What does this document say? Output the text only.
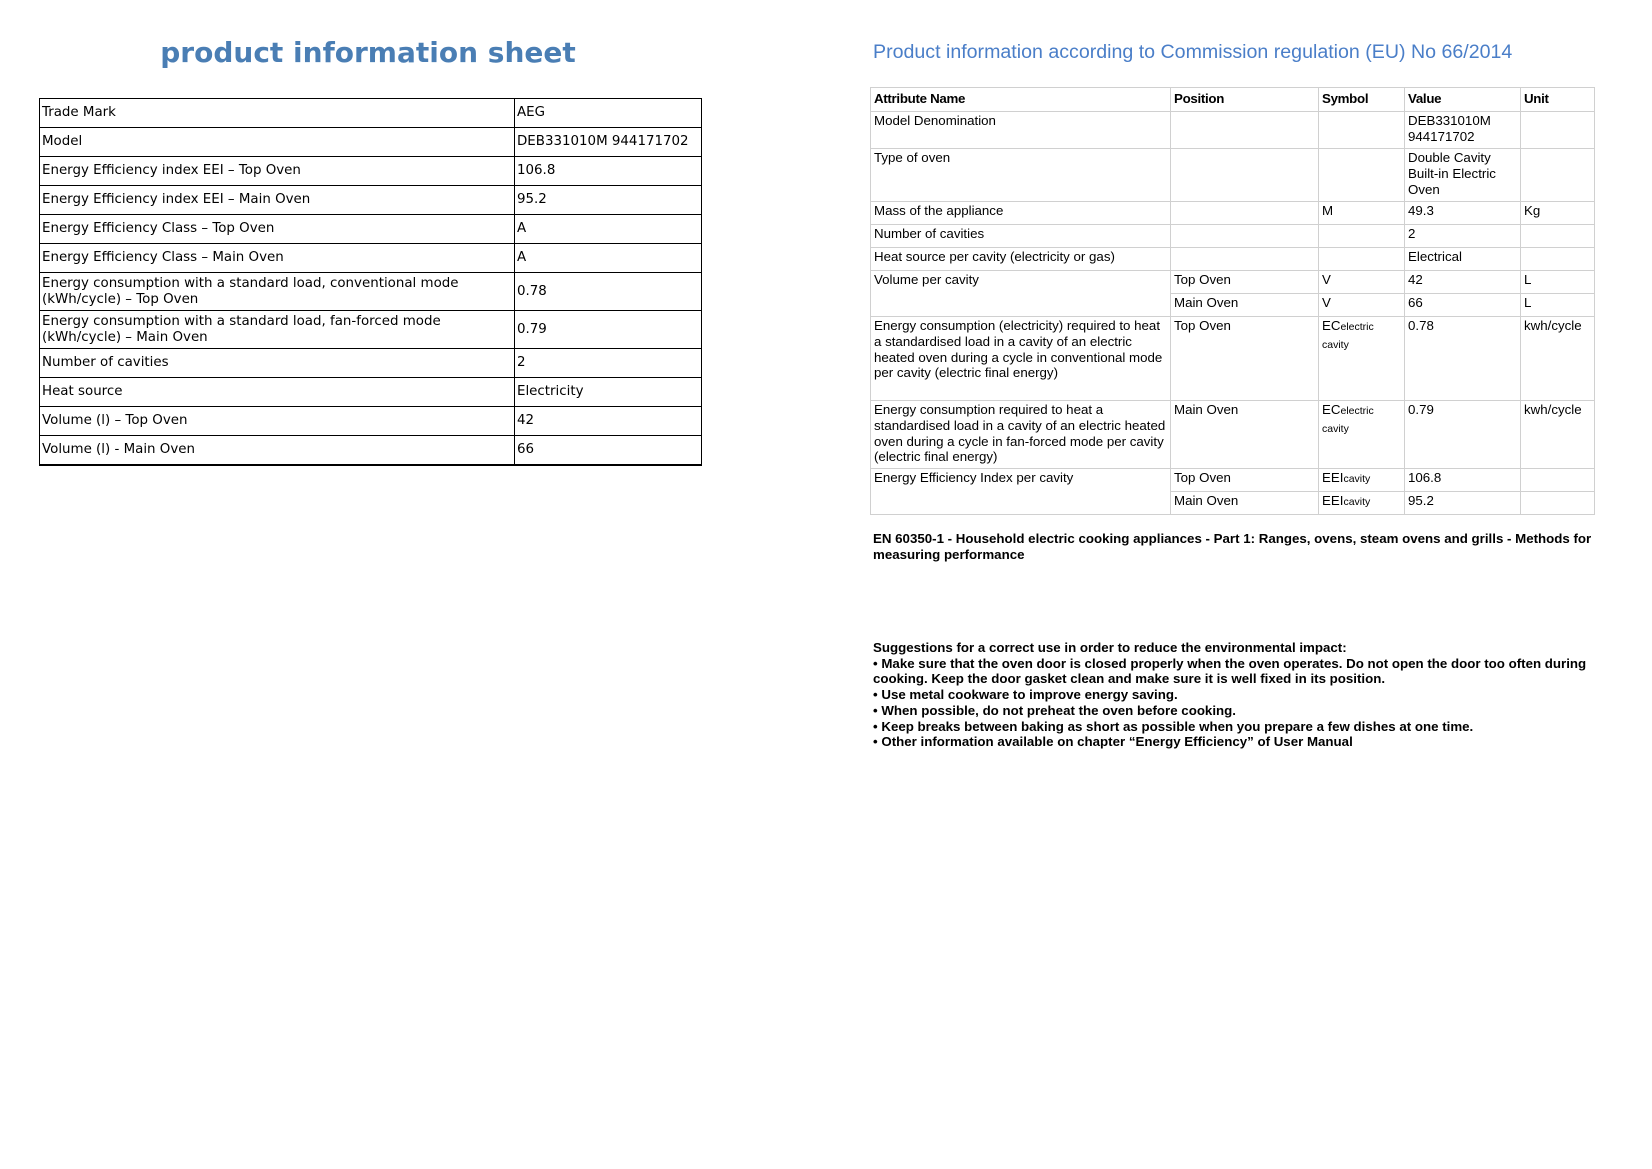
product information sheet
Trade Mark	AEG
Model	DEB331010M 944171702
Energy Efficiency index EEI – Top Oven	106.8
Energy Efficiency index EEI – Main Oven	95.2
Energy Efficiency Class – Top Oven	A
Energy Efficiency Class – Main Oven	A
Energy consumption with a standard load, conventional mode (kWh/cycle) – Top Oven	0.78
Energy consumption with a standard load, fan-forced mode (kWh/cycle) – Main Oven	0.79
Number of cavities	2
Heat source	Electricity
Volume (l) – Top Oven	42
Volume (l) - Main Oven	66
Product information according to Commission regulation (EU) No 66/2014
Attribute Name	Position	Symbol	Value	Unit
Model Denomination			DEB331010M 944171702	
Type of oven			Double Cavity Built-in Electric Oven	
Mass of the appliance		M	49.3	Kg
Number of cavities			2	
Heat source per cavity (electricity or gas)			Electrical	
Volume per cavity	Top Oven	V	42	L
	Main Oven	V	66	L
Energy consumption (electricity) required to heat a standardised load in a cavity of an electric heated oven during a cycle in conventional mode per cavity (electric final energy)	Top Oven	ECelectric cavity	0.78	kwh/cycle
Energy consumption required to heat a standardised load in a cavity of an electric heated oven during a cycle in fan-forced mode per cavity (electric final energy)	Main Oven	ECelectric cavity	0.79	kwh/cycle
Energy Efficiency Index per cavity	Top Oven	EEIcavity	106.8	
	Main Oven	EEIcavity	95.2	

EN 60350-1 - Household electric cooking appliances - Part 1: Ranges, ovens, steam ovens and grills - Methods for measuring performance

Suggestions for a correct use in order to reduce the environmental impact:

• Make sure that the oven door is closed properly when the oven operates. Do not open the door too often during cooking. Keep the door gasket clean and make sure it is well fixed in its position.

• Use metal cookware to improve energy saving.

• When possible, do not preheat the oven before cooking.

• Keep breaks between baking as short as possible when you prepare a few dishes at one time.

• Other information available on chapter “Energy Efficiency” of User Manual
